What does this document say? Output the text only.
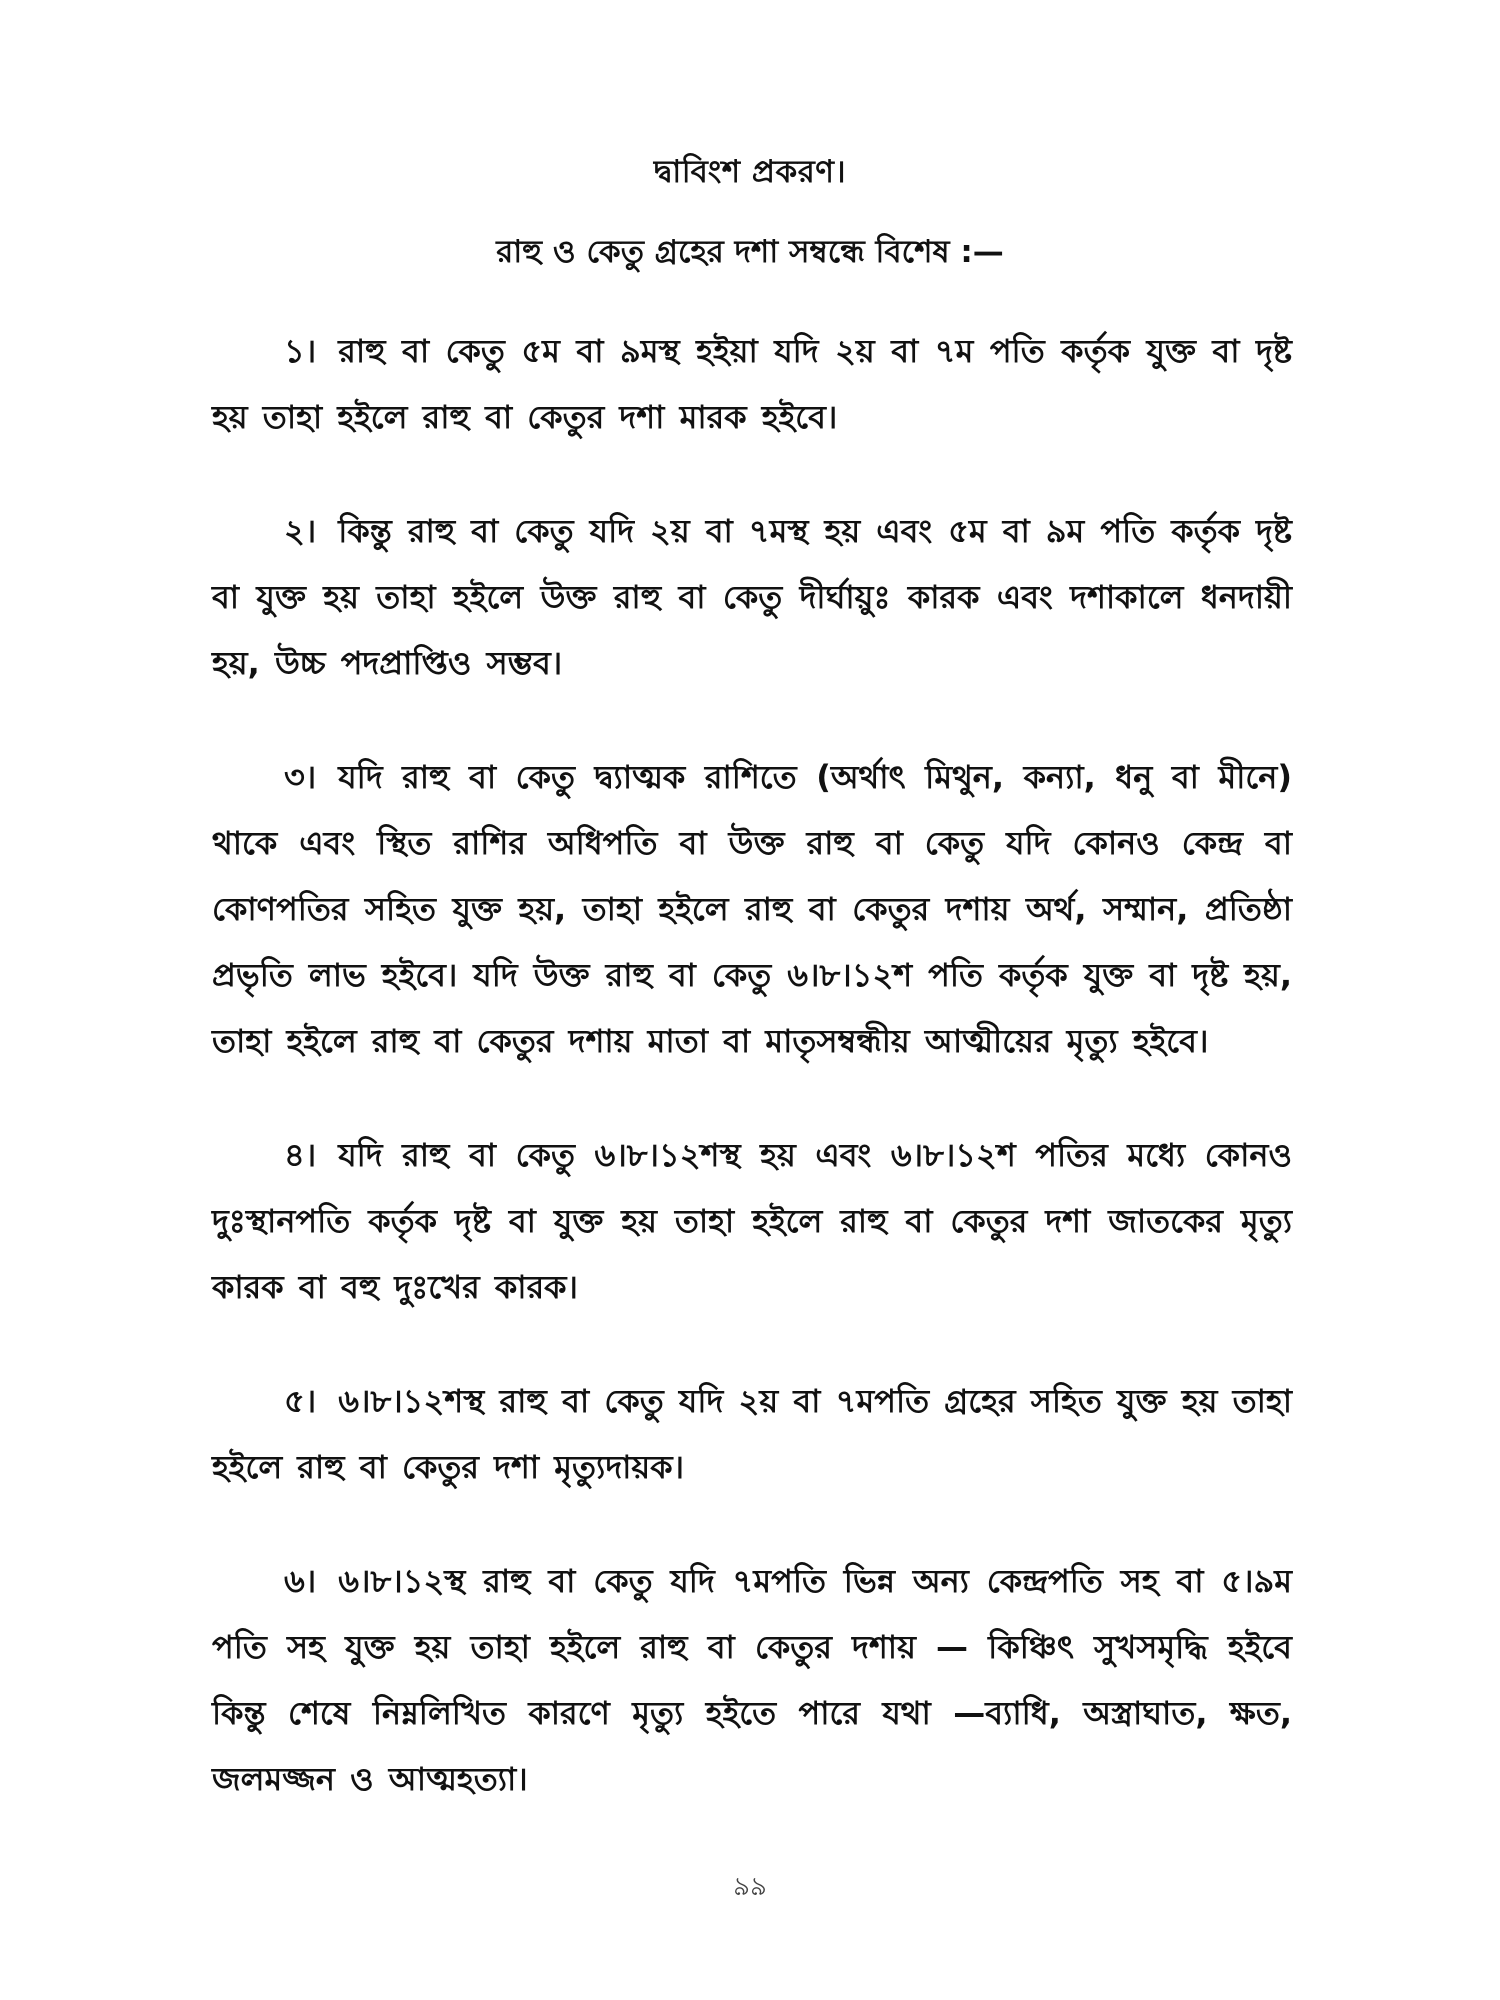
দ্বাবিংশ প্রকরণ।
রাহু ও কেতু গ্রহের দশা সম্বন্ধে বিশেষ :—

১। রাহু বা কেতু ৫ম বা ৯মস্থ হইয়া যদি ২য় বা ৭ম পতি কর্তৃক যুক্ত বা দৃষ্ট হয় তাহা হইলে রাহু বা কেতুর দশা মারক হইবে।

২। কিন্তু রাহু বা কেতু যদি ২য় বা ৭মস্থ হয় এবং ৫ম বা ৯ম পতি কর্তৃক দৃষ্ট বা যুক্ত হয় তাহা হইলে উক্ত রাহু বা কেতু দীর্ঘায়ুঃ কারক এবং দশাকালে ধনদায়ী হয়, উচ্চ পদপ্রাপ্তিও সম্ভব।

৩। যদি রাহু বা কেতু দ্ব্যাত্মক রাশিতে (অর্থাৎ মিথুন, কন্যা, ধনু বা মীনে) থাকে এবং স্থিত রাশির অধিপতি বা উক্ত রাহু বা কেতু যদি কোনও কেন্দ্র বা কোণপতির সহিত যুক্ত হয়, তাহা হইলে রাহু বা কেতুর দশায় অর্থ, সম্মান, প্রতিষ্ঠা প্রভৃতি লাভ হইবে। যদি উক্ত রাহু বা কেতু ৬।৮।১২শ পতি কর্তৃক যুক্ত বা দৃষ্ট হয়, তাহা হইলে রাহু বা কেতুর দশায় মাতা বা মাতৃসম্বন্ধীয় আত্মীয়ের মৃত্যু হইবে।

৪। যদি রাহু বা কেতু ৬।৮।১২শস্থ হয় এবং ৬।৮।১২শ পতির মধ্যে কোনও দুঃস্থানপতি কর্তৃক দৃষ্ট বা যুক্ত হয় তাহা হইলে রাহু বা কেতুর দশা জাতকের মৃত্যু কারক বা বহু দুঃখের কারক।

৫। ৬।৮।১২শস্থ রাহু বা কেতু যদি ২য় বা ৭মপতি গ্রহের সহিত যুক্ত হয় তাহা হইলে রাহু বা কেতুর দশা মৃত্যুদায়ক।

৬। ৬।৮।১২স্থ রাহু বা কেতু যদি ৭মপতি ভিন্ন অন্য কেন্দ্রপতি সহ বা ৫।৯ম পতি সহ যুক্ত হয় তাহা হইলে রাহু বা কেতুর দশায় — কিঞ্চিৎ সুখসমৃদ্ধি হইবে কিন্তু শেষে নিম্নলিখিত কারণে মৃত্যু হইতে পারে যথা —ব্যাধি, অস্ত্রাঘাত, ক্ষত, জলমজ্জন ও আত্মহত্যা।

৯৯
